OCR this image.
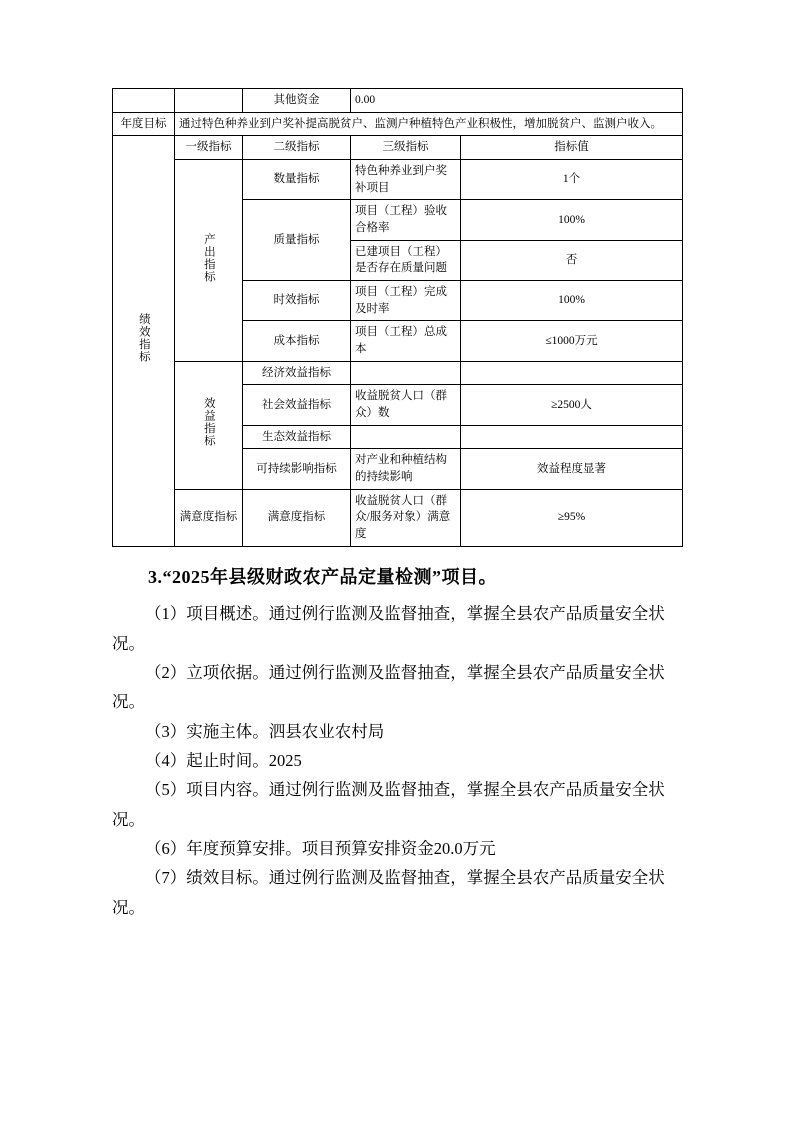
		其他资金	0.00	
年度目标	通过特色种养业到户奖补提高脱贫户、监测户种植特色产业积极性，增加脱贫户、监测户收入。			
绩效指标	一级指标	二级指标	三级指标	指标值
	产出指标	数量指标	特色种养业到户奖补项目	1个
		质量指标	项目（工程）验收合格率	100%
			已建项目（工程）是否存在质量问题	否
		时效指标	项目（工程）完成及时率	100%
		成本指标	项目（工程）总成本	≤1000万元
	效益指标	经济效益指标		
		社会效益指标	收益脱贫人口（群众）数	≥2500人
		生态效益指标		
		可持续影响指标	对产业和种植结构的持续影响	效益程度显著
	满意度指标	满意度指标	收益脱贫人口（群众/服务对象）满意度	≥95%
3.“2025年县级财政农产品定量检测”项目。

（1）项目概述。通过例行监测及监督抽查，掌握全县农产品质量安全状况。

（2）立项依据。通过例行监测及监督抽查，掌握全县农产品质量安全状况。

（3）实施主体。泗县农业农村局

（4）起止时间。2025

（5）项目内容。通过例行监测及监督抽查，掌握全县农产品质量安全状况。

（6）年度预算安排。项目预算安排资金20.0万元

（7）绩效目标。通过例行监测及监督抽查，掌握全县农产品质量安全状况。
